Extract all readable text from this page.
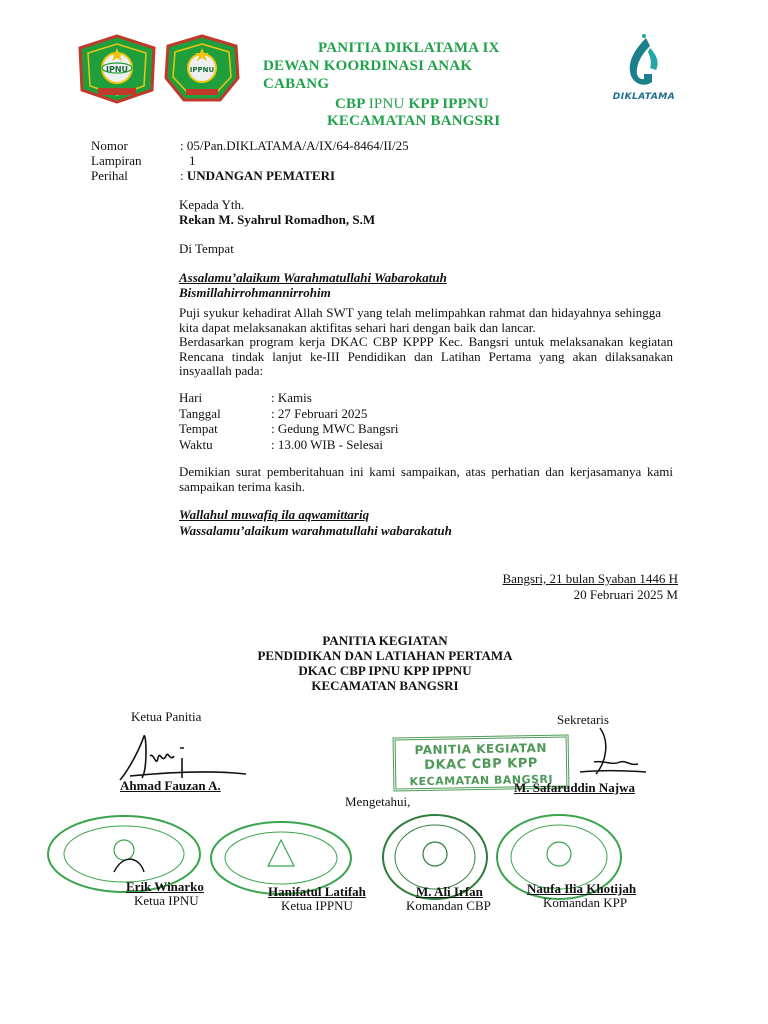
IPNU	IPPNU
PANITIA DIKLATAMA IX
DEWAN KOORDINASI ANAK
CABANG
CBP IPNU KPP IPPNU
KECAMATAN BANGSRI
DIKLATAMA
Nomor	: 05/Pan.DIKLATAMA/A/IX/64-8464/II/25
Lampiran	1
Perihal	: UNDANGAN PEMATERI
Kepada Yth.
Rekan M. Syahrul Romadhon, S.M
Di Tempat
Assalamu’alaikum Warahmatullahi Wabarokatuh
Bismillahirrohmannirrohim
Puji syukur kehadirat Allah SWT yang telah melimpahkan rahmat dan hidayahnya sehingga kita dapat melaksanakan aktifitas sehari hari dengan baik dan lancar.
Berdasarkan program kerja DKAC CBP KPPP Kec. Bangsri untuk melaksanakan kegiatan Rencana tindak lanjut ke-III Pendidikan dan Latihan Pertama yang akan dilaksanakan insyaallah pada:
Hari	: Kamis
Tanggal	: 27 Februari 2025
Tempat	: Gedung MWC Bangsri
Waktu	: 13.00 WIB - Selesai
Demikian surat pemberitahuan ini kami sampaikan, atas perhatian dan kerjasamanya kami sampaikan terima kasih.
Wallahul muwafiq ila aqwamittariq
Wassalamu’alaikum warahmatullahi wabarakatuh
Bangsri, 21 bulan Syaban 1446 H
20 Februari 2025 M
PANITIA KEGIATAN
PENDIDIKAN DAN LATIAHAN PERTAMA
DKAC CBP IPNU KPP IPPNU
KECAMATAN BANGSRI
PANITIA KEGIATAN
DKAC CBP KPP
KECAMATAN BANGSRI
Ketua Panitia
Ahmad Fauzan A.
Sekretaris
M. Safaruddin Najwa
Mengetahui,
Erik Winarko
Ketua IPNU
Hanifatul Latifah
Ketua IPPNU
M. Ali Irfan
Komandan CBP
Naufa Ilia Khotijah
Komandan KPP
